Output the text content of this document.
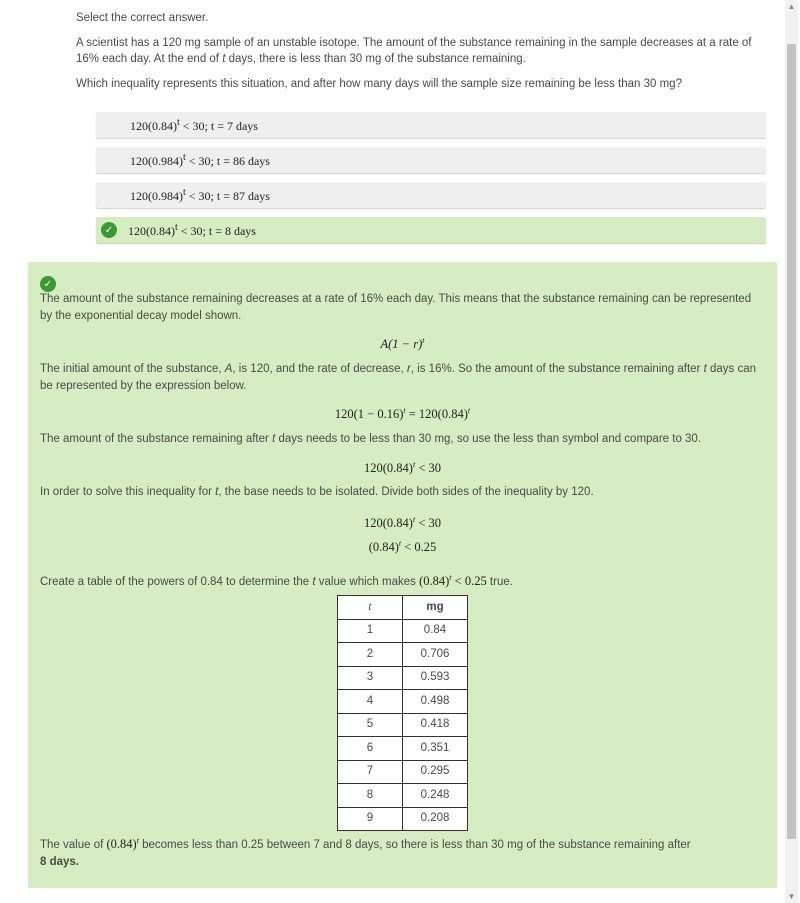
▲
▼

Select the correct answer.

A scientist has a 120 mg sample of an unstable isotope. The amount of the substance remaining in the sample decreases at a rate of 16% each day. At the end of t days, there is less than 30 mg of the substance remaining.

Which inequality represents this situation, and after how many days will the sample size remaining be less than 30 mg?

$120(0.84)^t < 30$; t = 7 days
$120(0.984)^t < 30$; t = 86 days
$120(0.984)^t < 30$; t = 87 days
✓	$120(0.84)^t < 30$; t = 8 days
✓

The amount of the substance remaining decreases at a rate of 16% each day. This means that the substance remaining can be represented by the exponential decay model shown.

$A(1 - r)^t$

The initial amount of the substance, A, is 120, and the rate of decrease, r, is 16%. So the amount of the substance remaining after t days can be represented by the expression below.

$120(1 - 0.16)^t = 120(0.84)^t$

The amount of the substance remaining after t days needs to be less than 30 mg, so use the less than symbol and compare to 30.

$120(0.84)^t < 30$

In order to solve this inequality for t, the base needs to be isolated. Divide both sides of the inequality by 120.

$120(0.84)^t < 30$
$(0.84)^t < 0.25$

Create a table of the powers of 0.84 to determine the t value which makes $(0.84)^t < 0.25$ true.

t	mg
1	0.84
2	0.706
3	0.593
4	0.498
5	0.418
6	0.351
7	0.295
8	0.248
9	0.208

The value of $(0.84)^t$ becomes less than 0.25 between 7 and 8 days, so there is less than 30 mg of the substance remaining after
8 days.
